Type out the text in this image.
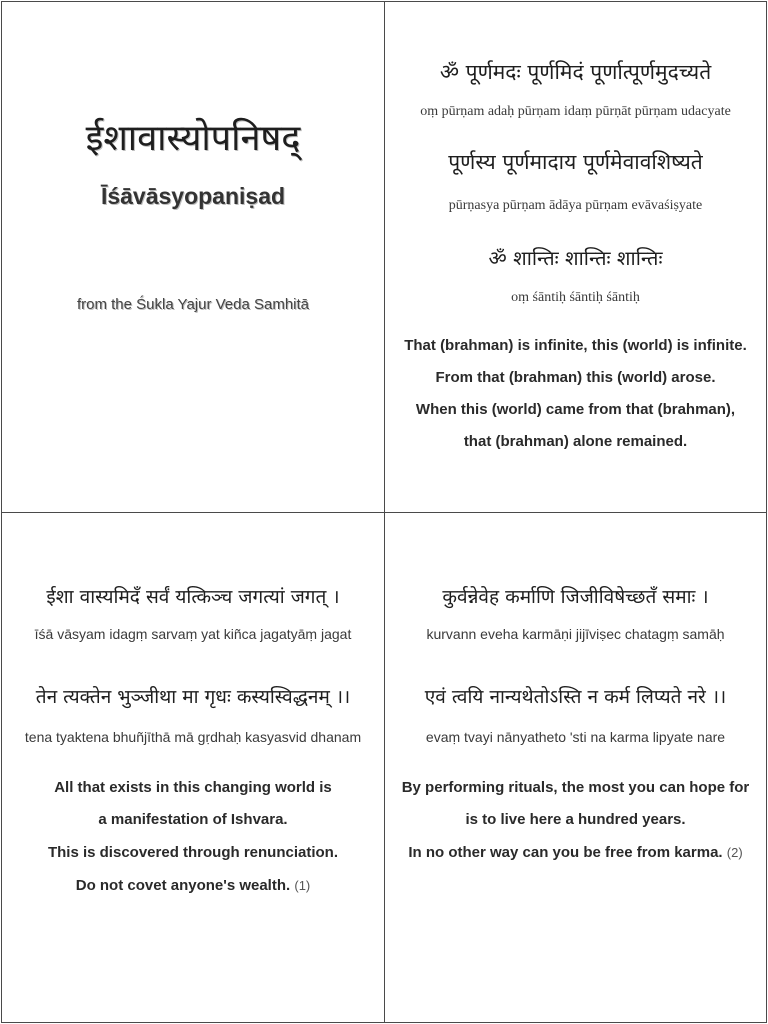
ईशावास्योपनिषद्
Īśāvāsyopaniṣad
from the Śukla Yajur Veda Samhitā
ॐ पूर्णमदः पूर्णमिदं पूर्णात्पूर्णमुदच्यते
oṃ pūrṇam adaḥ pūrṇam idaṃ pūrṇāt pūrṇam udacyate
पूर्णस्य पूर्णमादाय पूर्णमेवावशिष्यते
pūrṇasya pūrṇam ādāya pūrṇam evāvaśiṣyate
ॐ शान्तिः शान्तिः शान्तिः
oṃ śāntiḥ śāntiḥ śāntiḥ
That (brahman) is infinite, this (world) is infinite.
From that (brahman) this (world) arose.
When this (world) came from that (brahman),
that (brahman) alone remained.
ईशा वास्यमिदँ सर्वं यत्किञ्च जगत्यां जगत् ।
īśā vāsyam idagṃ sarvaṃ yat kiñca jagatyāṃ jagat
तेन त्यक्तेन भुञ्जीथा मा गृधः कस्यस्विद्धनम् ।।
tena tyaktena bhuñjīthā mā gṛdhaḥ kasyasvid dhanam
All that exists in this changing world is
a manifestation of Ishvara.
This is discovered through renunciation.
Do not covet anyone's wealth. (1)
कुर्वन्नेवेह कर्माणि जिजीविषेच्छतँ समाः ।
kurvann eveha karmāṇi jijīviṣec chatagṃ samāḥ
एवं त्वयि नान्यथेतोऽस्ति न कर्म लिप्यते नरे ।।
evaṃ tvayi nānyatheto 'sti na karma lipyate nare
By performing rituals, the most you can hope for
is to live here a hundred years.
In no other way can you be free from karma. (2)
